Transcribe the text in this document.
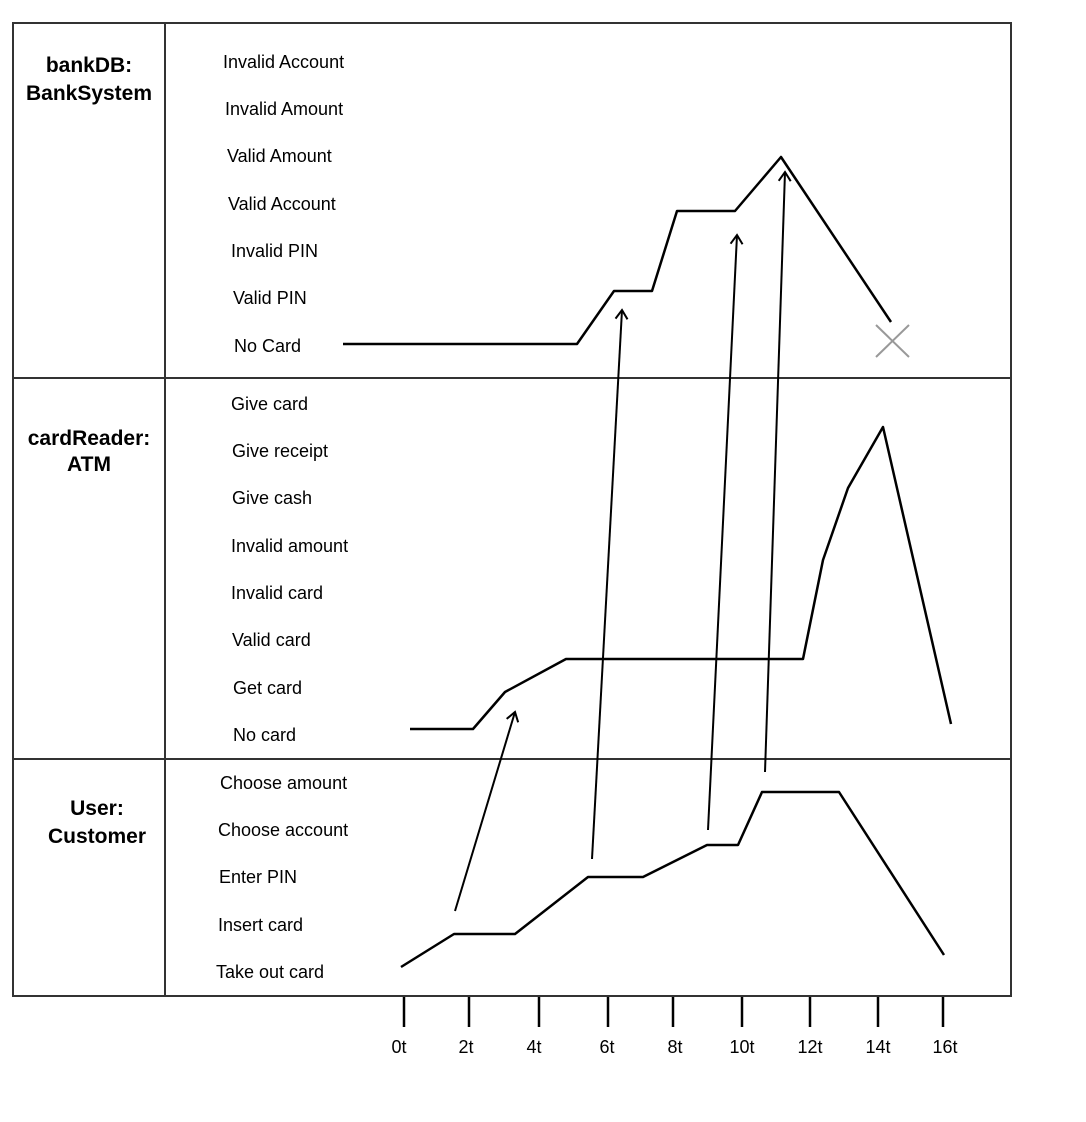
bankDB:
BankSystem
cardReader:
ATM
User:
Customer
Invalid Account
Invalid Amount
Valid Amount
Valid Account
Invalid PIN
Valid PIN
No Card
Give card
Give receipt
Give cash
Invalid amount
Invalid card
Valid card
Get card
No card
Choose amount
Choose account
Enter PIN
Insert card
Take out card
0t	2t	4t	6t	8t	10t 12t 14t 16t
